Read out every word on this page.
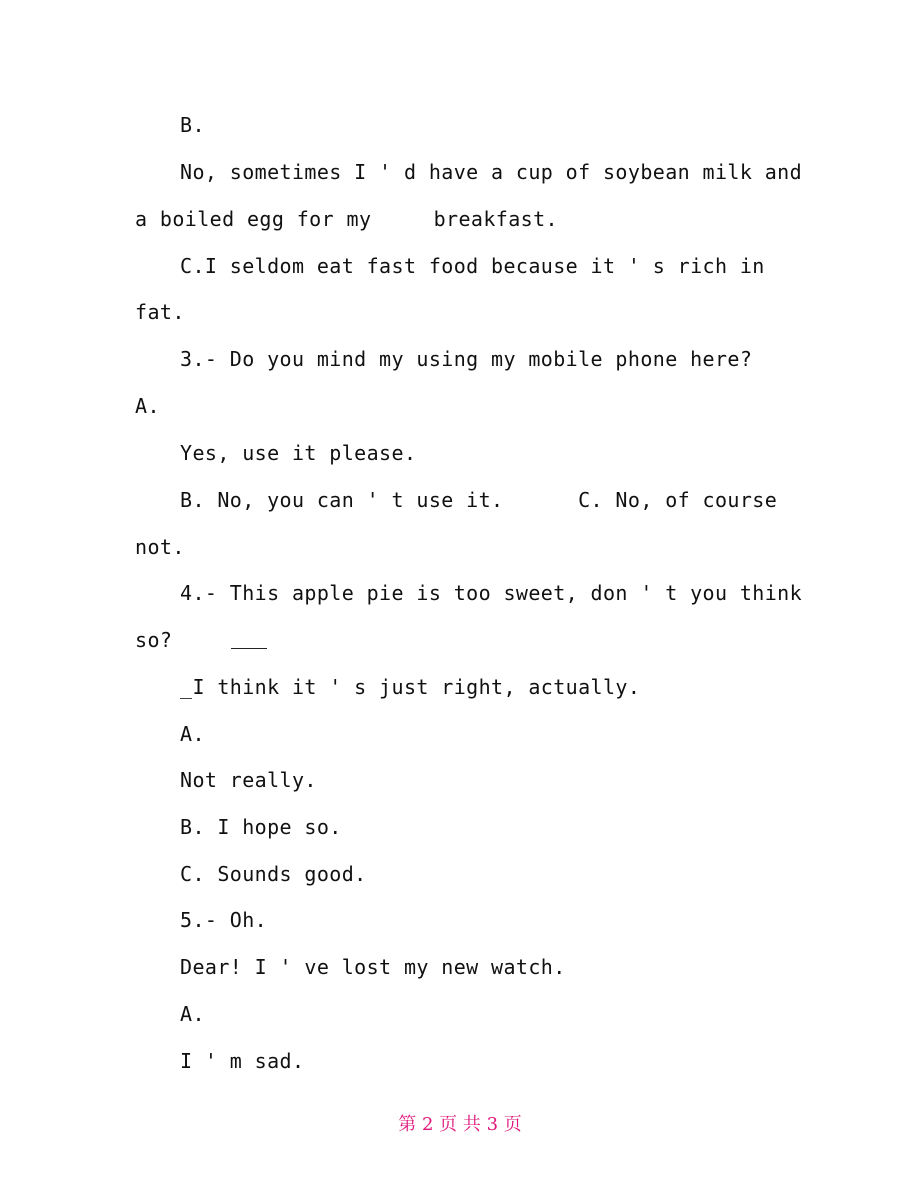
B.
No, sometimes I ' d have a cup of soybean milk and
a boiled egg for my     breakfast.
C.I seldom eat fast food because it ' s rich in
fat.
3.- Do you mind my using my mobile phone here?
A.
Yes, use it please.
B. No, you can ' t use it.      C. No, of course
not.
4.- This apple pie is too sweet, don ' t you think
so?
_I think it ' s just right, actually.
A.
Not really.
B. I hope so.
C. Sounds good.
5.- Oh.
Dear! I ' ve lost my new watch.
A.
I ' m sad.
第 2 页 共 3 页
